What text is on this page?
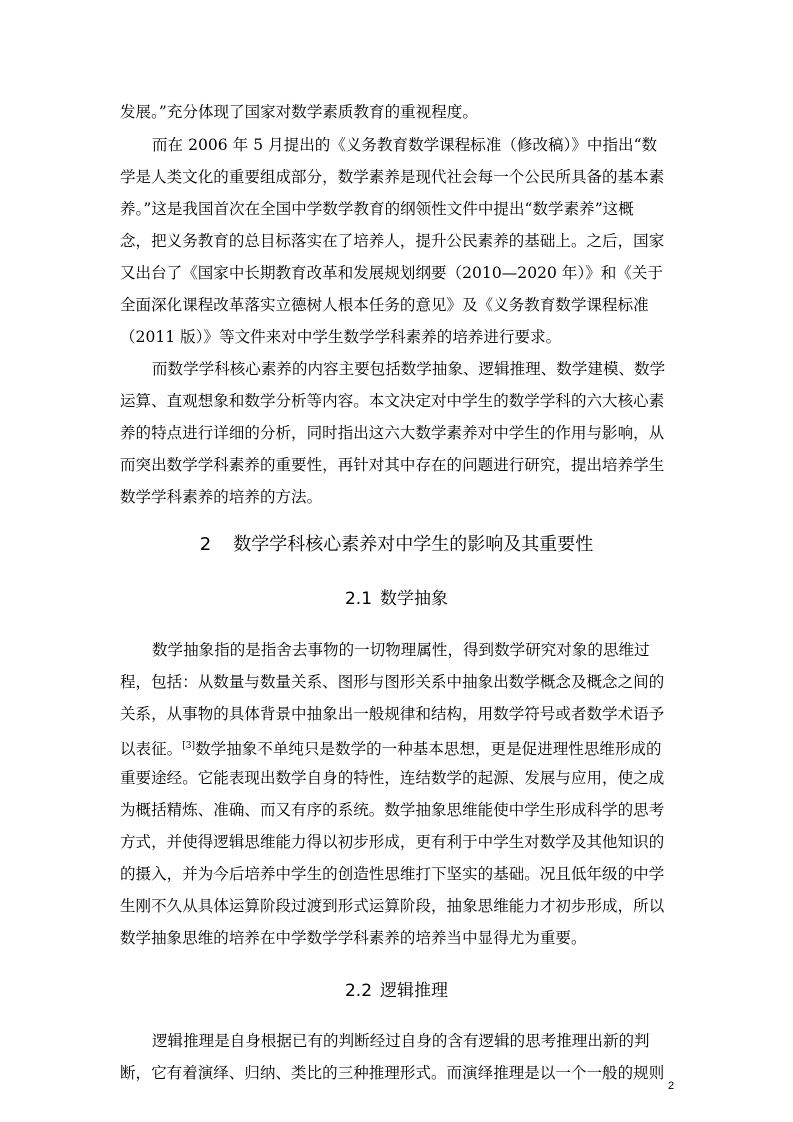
发展。”充分体现了国家对数学素质教育的重视程度。
而在 2006 年 5 月提出的《义务教育数学课程标准（修改稿）》中指出“数
学是人类文化的重要组成部分，数学素养是现代社会每一个公民所具备的基本素
养。”这是我国首次在全国中学数学教育的纲领性文件中提出“数学素养”这概
念，把义务教育的总目标落实在了培养人，提升公民素养的基础上。之后，国家
又出台了《国家中长期教育改革和发展规划纲要（2010—2020 年）》和《关于
全面深化课程改革落实立德树人根本任务的意见》及《义务教育数学课程标准
（2011 版）》等文件来对中学生数学学科素养的培养进行要求。
而数学学科核心素养的内容主要包括数学抽象、逻辑推理、数学建模、数学
运算、直观想象和数学分析等内容。本文决定对中学生的数学学科的六大核心素
养的特点进行详细的分析，同时指出这六大数学素养对中学生的作用与影响，从
而突出数学学科素养的重要性，再针对其中存在的问题进行研究，提出培养学生
数学学科素养的培养的方法。
2 数学学科核心素养对中学生的影响及其重要性
2.1 数学抽象
数学抽象指的是指舍去事物的一切物理属性，得到数学研究对象的思维过
程，包括：从数量与数量关系、图形与图形关系中抽象出数学概念及概念之间的
关系，从事物的具体背景中抽象出一般规律和结构，用数学符号或者数学术语予
以表征。[3]数学抽象不单纯只是数学的一种基本思想，更是促进理性思维形成的
重要途经。它能表现出数学自身的特性，连结数学的起源、发展与应用，使之成
为概括精炼、准确、而又有序的系统。数学抽象思维能使中学生形成科学的思考
方式，并使得逻辑思维能力得以初步形成，更有利于中学生对数学及其他知识的
的摄入，并为今后培养中学生的创造性思维打下坚实的基础。况且低年级的中学
生刚不久从具体运算阶段过渡到形式运算阶段，抽象思维能力才初步形成，所以
数学抽象思维的培养在中学数学学科素养的培养当中显得尤为重要。
2.2 逻辑推理
逻辑推理是自身根据已有的判断经过自身的含有逻辑的思考推理出新的判
断，它有着演绎、归纳、类比的三种推理形式。而演绎推理是以一个一般的规则
2
